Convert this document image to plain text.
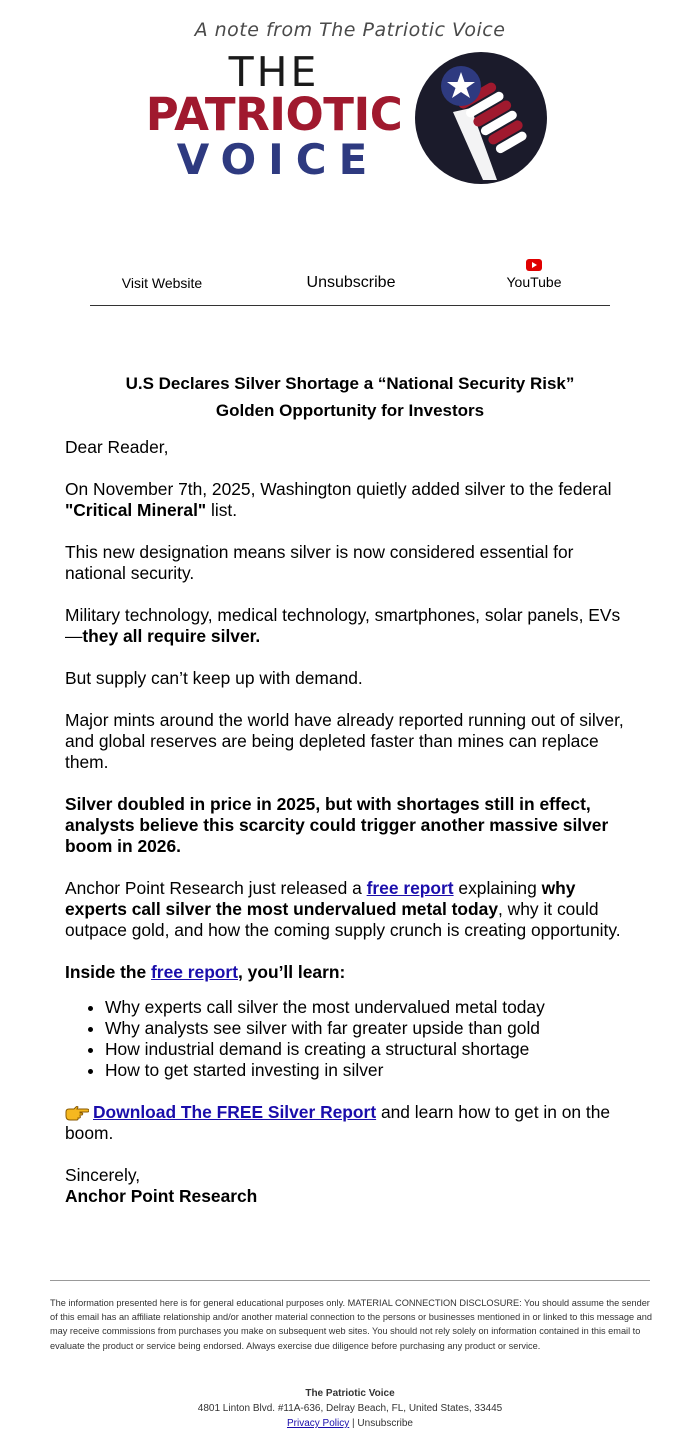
A note from The Patriotic Voice
THE
PATRIOTIC
VOICE
Visit Website	Unsubscribe	YouTube
U.S Declares Silver Shortage a “National Security Risk”
Golden Opportunity for Investors

Dear Reader,

On November 7th, 2025, Washington quietly added silver to the federal "Critical Mineral" list.

This new designation means silver is now considered essential for national security.

Military technology, medical technology, smartphones, solar panels, EVs—they all require silver.

But supply can’t keep up with demand.

Major mints around the world have already reported running out of silver, and global reserves are being depleted faster than mines can replace them.

Silver doubled in price in 2025, but with shortages still in effect, analysts believe this scarcity could trigger another massive silver boom in 2026.

Anchor Point Research just released a free report explaining why experts call silver the most undervalued metal today, why it could outpace gold, and how the coming supply crunch is creating opportunity.

Inside the free report, you’ll learn:

• Why experts call silver the most undervalued metal today
• Why analysts see silver with far greater upside than gold
• How industrial demand is creating a structural shortage
• How to get started investing in silver

Download The FREE Silver Report and learn how to get in on the boom.

Sincerely,

Anchor Point Research

The information presented here is for general educational purposes only. MATERIAL CONNECTION DISCLOSURE: You should assume the sender of this email has an affiliate relationship and/or another material connection to the persons or businesses mentioned in or linked to this message and may receive commissions from purchases you make on subsequent web sites. You should not rely solely on information contained in this email to evaluate the product or service being endorsed. Always exercise due diligence before purchasing any product or service.
The Patriotic Voice
4801 Linton Blvd. #11A-636, Delray Beach, FL, United States, 33445
Privacy Policy | Unsubscribe
